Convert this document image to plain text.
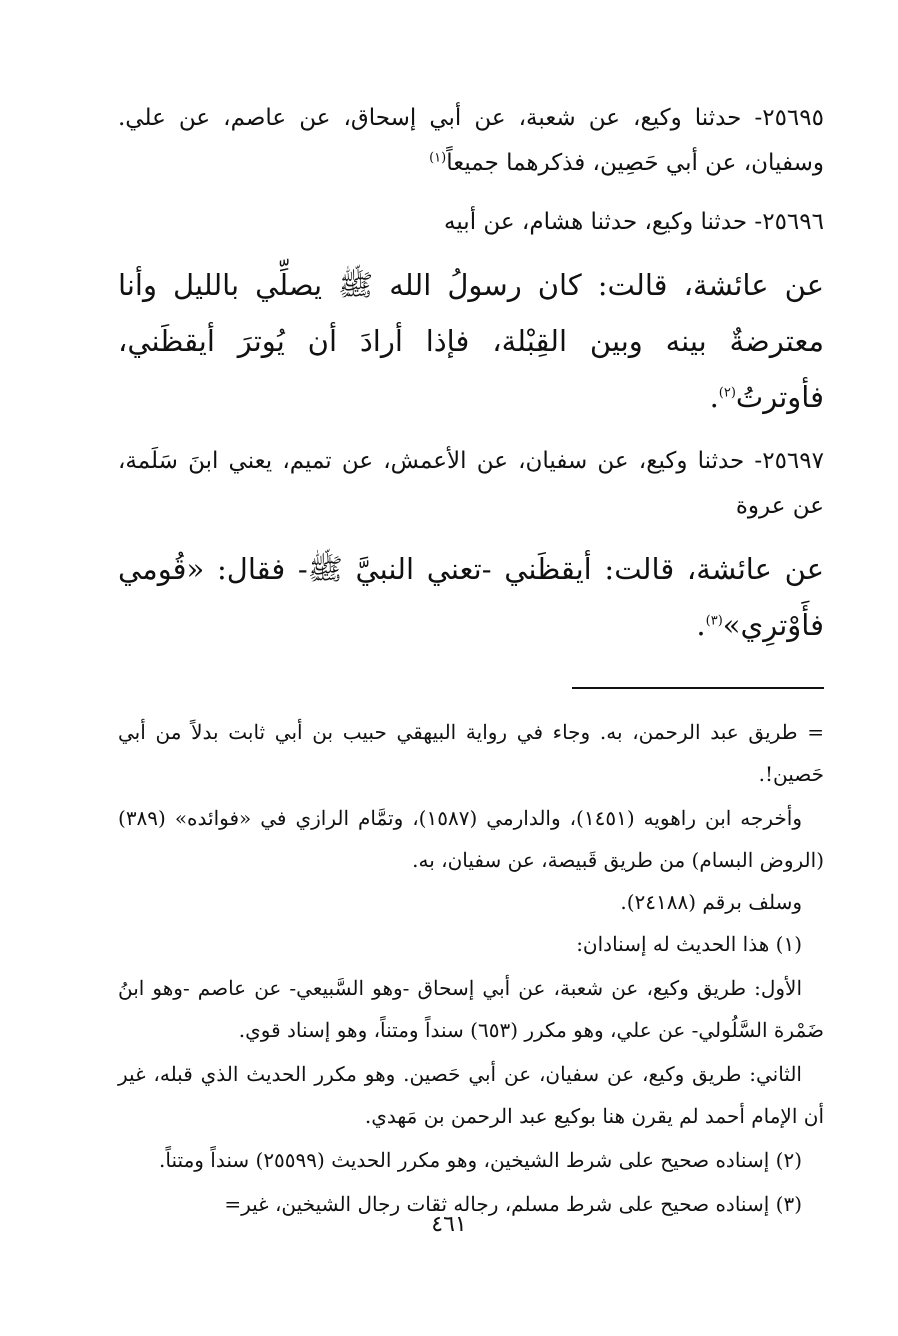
٢٥٦٩٥- حدثنا وكيع، عن شعبة، عن أبي إسحاق، عن عاصم، عن علي. وسفيان، عن أبي حَصِين، فذكرهما جميعاً$^{(١)}$

٢٥٦٩٦- حدثنا وكيع، حدثنا هشام، عن أبيه

عن عائشة، قالت: كان رسولُ الله ﷺ يصلِّي بالليل وأنا معترضةٌ بينه وبين القِبْلة، فإذا أرادَ أن يُوترَ أيقظَني، فأوترتُ$^{(٢)}$.

٢٥٦٩٧- حدثنا وكيع، عن سفيان، عن الأعمش، عن تميم، يعني ابنَ سَلَمة، عن عروة

عن عائشة، قالت: أيقظَني -تعني النبيَّ ﷺ- فقال: «قُومي فأَوْترِي»$^{(٣)}$.

= طريق عبد الرحمن، به. وجاء في رواية البيهقي حبيب بن أبي ثابت بدلاً من أبي حَصين!.

وأخرجه ابن راهويه (١٤٥١)، والدارمي (١٥٨٧)، وتمَّام الرازي في «فوائده» (٣٨٩) (الروض البسام) من طريق قَبيصة، عن سفيان، به.

وسلف برقم (٢٤١٨٨).

(١) هذا الحديث له إسنادان:

الأول: طريق وكيع، عن شعبة، عن أبي إسحاق -وهو السَّبيعي- عن عاصم -وهو ابنُ ضَمْرة السَّلُولي- عن علي، وهو مكرر (٦٥٣) سنداً ومتناً، وهو إسناد قوي.

الثاني: طريق وكيع، عن سفيان، عن أبي حَصين. وهو مكرر الحديث الذي قبله، غير أن الإمام أحمد لم يقرن هنا بوكيع عبد الرحمن بن مَهدي.

(٢) إسناده صحيح على شرط الشيخين، وهو مكرر الحديث (٢٥٥٩٩) سنداً ومتناً.

(٣) إسناده صحيح على شرط مسلم، رجاله ثقات رجال الشيخين، غير=

٤٦١
